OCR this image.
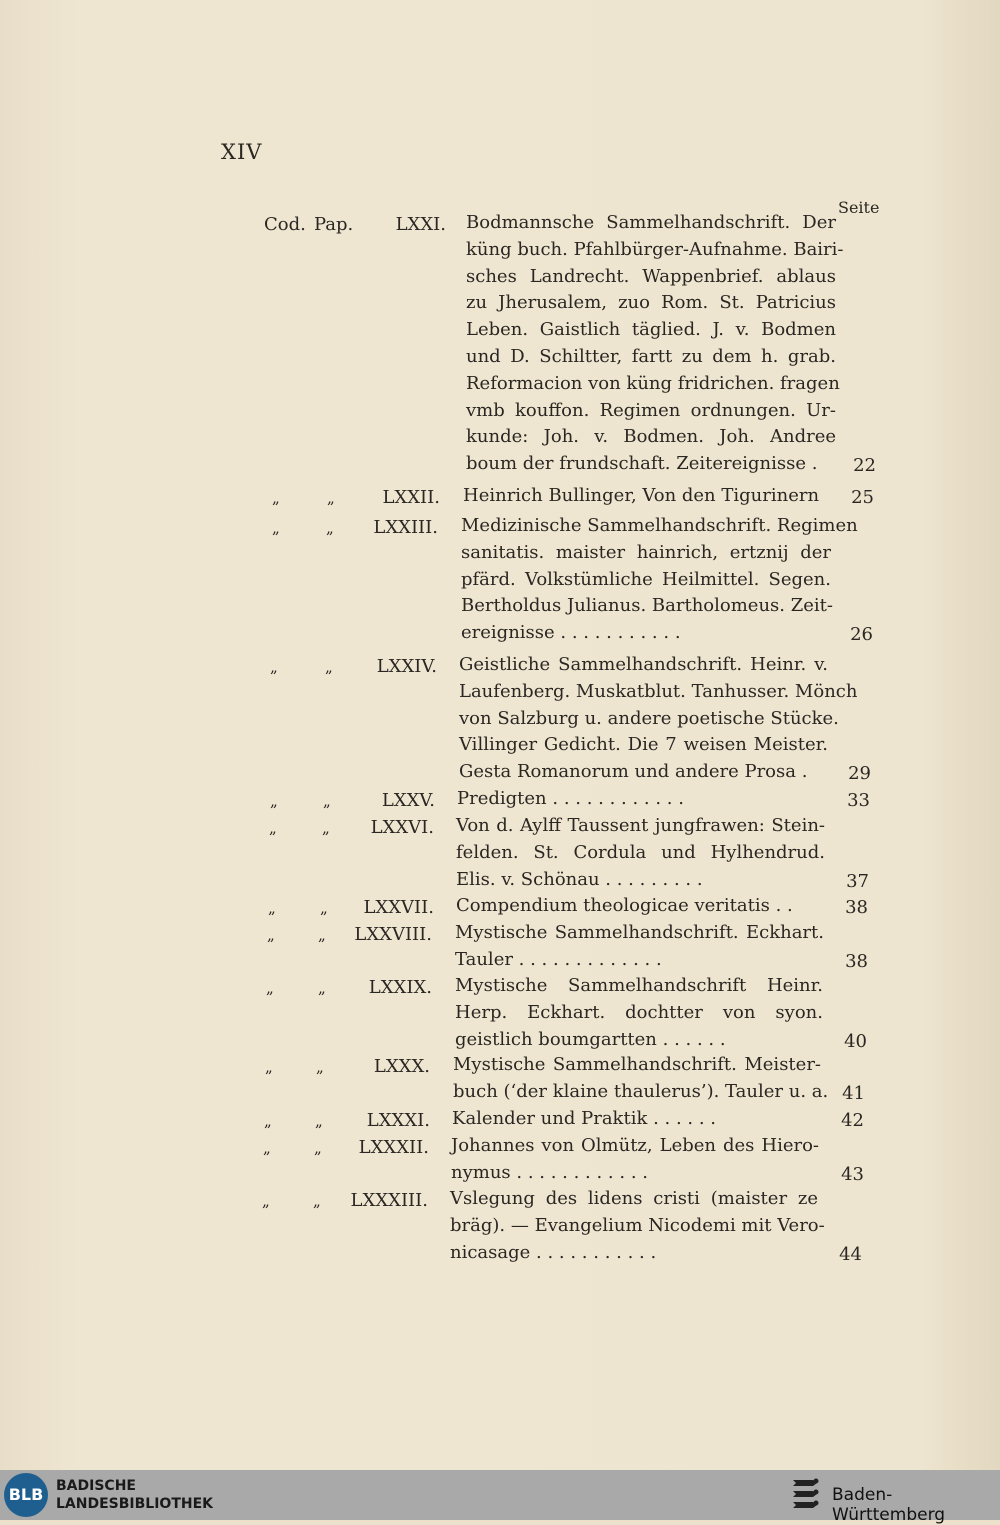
XIV
Seite
Cod. Pap. LXXI. Bodmannsche Sammelhandschrift. Der
küng buch. Pfahlbürger-Aufnahme. Bairi-
sches Landrecht. Wappenbrief. ablaus
zu Jherusalem, zuo Rom. St. Patricius
Leben. Gaistlich täglied. J. v. Bodmen
und D. Schiltter, fartt zu dem h. grab.
Reformacion von küng fridrichen. fragen
vmb kouffon. Regimen ordnungen. Ur-
kunde: Joh. v. Bodmen. Joh. Andree
boum der frundschaft. Zeitereignisse .	22
„	„	LXXII. Heinrich Bullinger, Von den Tigurinern	25
„	„ LXXIII. Medizinische Sammelhandschrift. Regimen
sanitatis. maister hainrich, ertznij der
pfärd. Volkstümliche Heilmittel. Segen.
Bertholdus Julianus. Bartholomeus. Zeit-
ereignisse . . . . . . . . . . .	26
„	„ LXXIV. Geistliche Sammelhandschrift. Heinr. v.
Laufenberg. Muskatblut. Tanhusser. Mönch
von Salzburg u. andere poetische Stücke.
Villinger Gedicht. Die 7 weisen Meister.
Gesta Romanorum und andere Prosa .	29
„	„	LXXV. Predigten . . . . . . . . . . . .	33
„	„ LXXVI. Von d. Aylff Taussent jungfrawen: Stein-
felden. St. Cordula und Hylhendrud.
Elis. v. Schönau . . . . . . . . .	37
„	„ LXXVII. Compendium theologicae veritatis . .	38
„	„ LXXVIII. Mystische Sammelhandschrift. Eckhart.
Tauler . . . . . . . . . . . . .	38
„	„ LXXIX. Mystische Sammelhandschrift Heinr.
Herp. Eckhart. dochtter von syon.
geistlich boumgartten . . . . . .	40
„	„	LXXX. Mystische Sammelhandschrift. Meister-
buch (‘der klaine thaulerus’). Tauler u. a. 41
„	„ LXXXI. Kalender und Praktik . . . . . .	42
„	„ LXXXII. Johannes von Olmütz, Leben des Hiero-
nymus . . . . . . . . . . . .	43
„	„ LXXXIII. Vslegung des lidens cristi (maister ze
bräg). — Evangelium Nicodemi mit Vero-
nicasage . . . . . . . . . . .	44
BLB BADISCHE
LANDESBIBLIOTHEK	Baden-Württemberg
